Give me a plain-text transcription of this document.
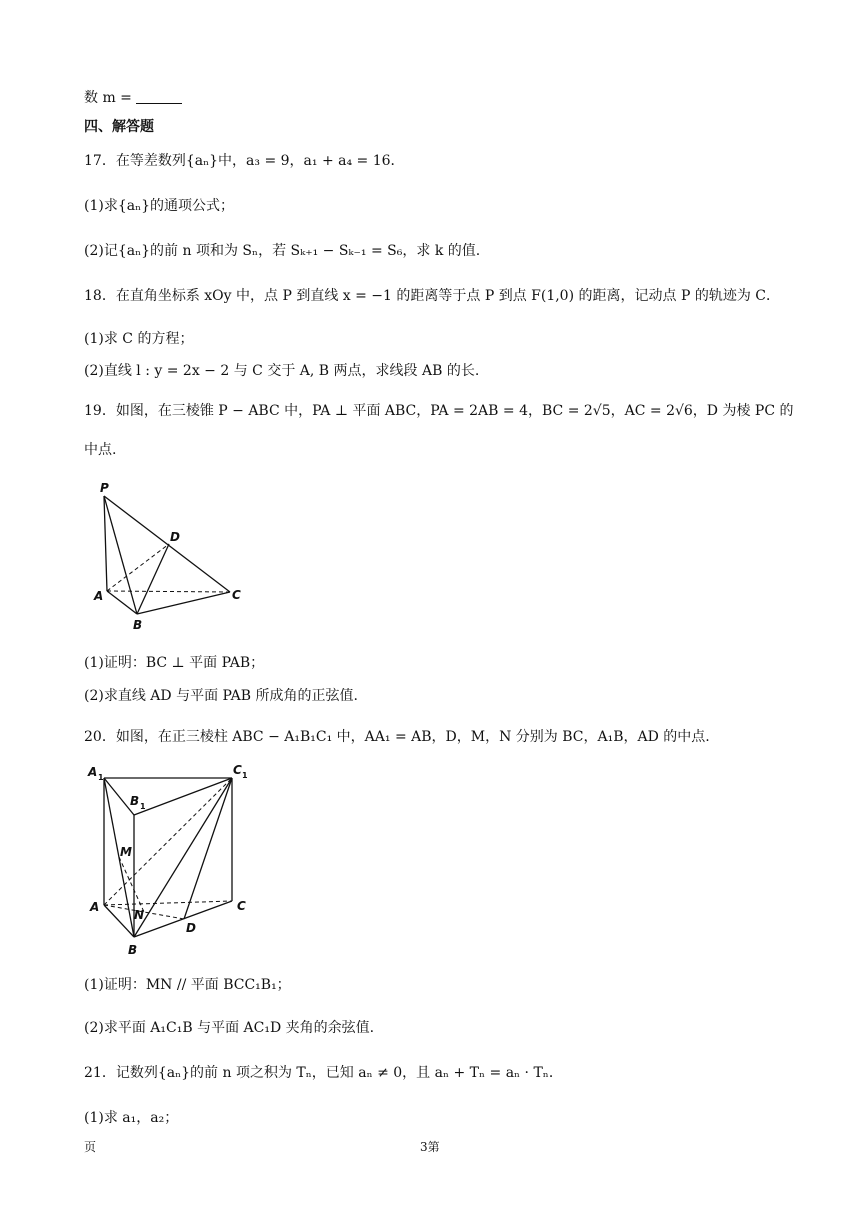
数 m =
四、解答题
17．在等差数列{aₙ}中，a₃ = 9，a₁ + a₄ = 16．
(1)求{aₙ}的通项公式；
(2)记{aₙ}的前 n 项和为 Sₙ，若 Sₖ₊₁ − Sₖ₋₁ = S₆，求 k 的值.
18．在直角坐标系 xOy 中，点 P 到直线 x = −1 的距离等于点 P 到点 F(1,0) 的距离，记动点 P 的轨迹为 C．
(1)求 C 的方程；
(2)直线 l : y = 2x − 2 与 C 交于 A, B 两点，求线段 AB 的长.
19．如图，在三棱锥 P − ABC 中，PA ⊥ 平面 ABC，PA = 2AB = 4，BC = 2√5，AC = 2√6，D 为棱 PC 的
中点.
P
D
A
B
C
(1)证明：BC ⊥ 平面 PAB；
(2)求直线 AD 与平面 PAB 所成角的正弦值.
20．如图，在正三棱柱 ABC − A₁B₁C₁ 中，AA₁ = AB，D，M，N 分别为 BC，A₁B，AD 的中点.
A 1
B 1
C 1
M
A
N
C
D
B
(1)证明：MN // 平面 BCC₁B₁；
(2)求平面 A₁C₁B 与平面 AC₁D 夹角的余弦值.
21．记数列{aₙ}的前 n 项之积为 Tₙ，已知 aₙ ≠ 0，且 aₙ + Tₙ = aₙ · Tₙ．
(1)求 a₁，a₂；
页	3第
